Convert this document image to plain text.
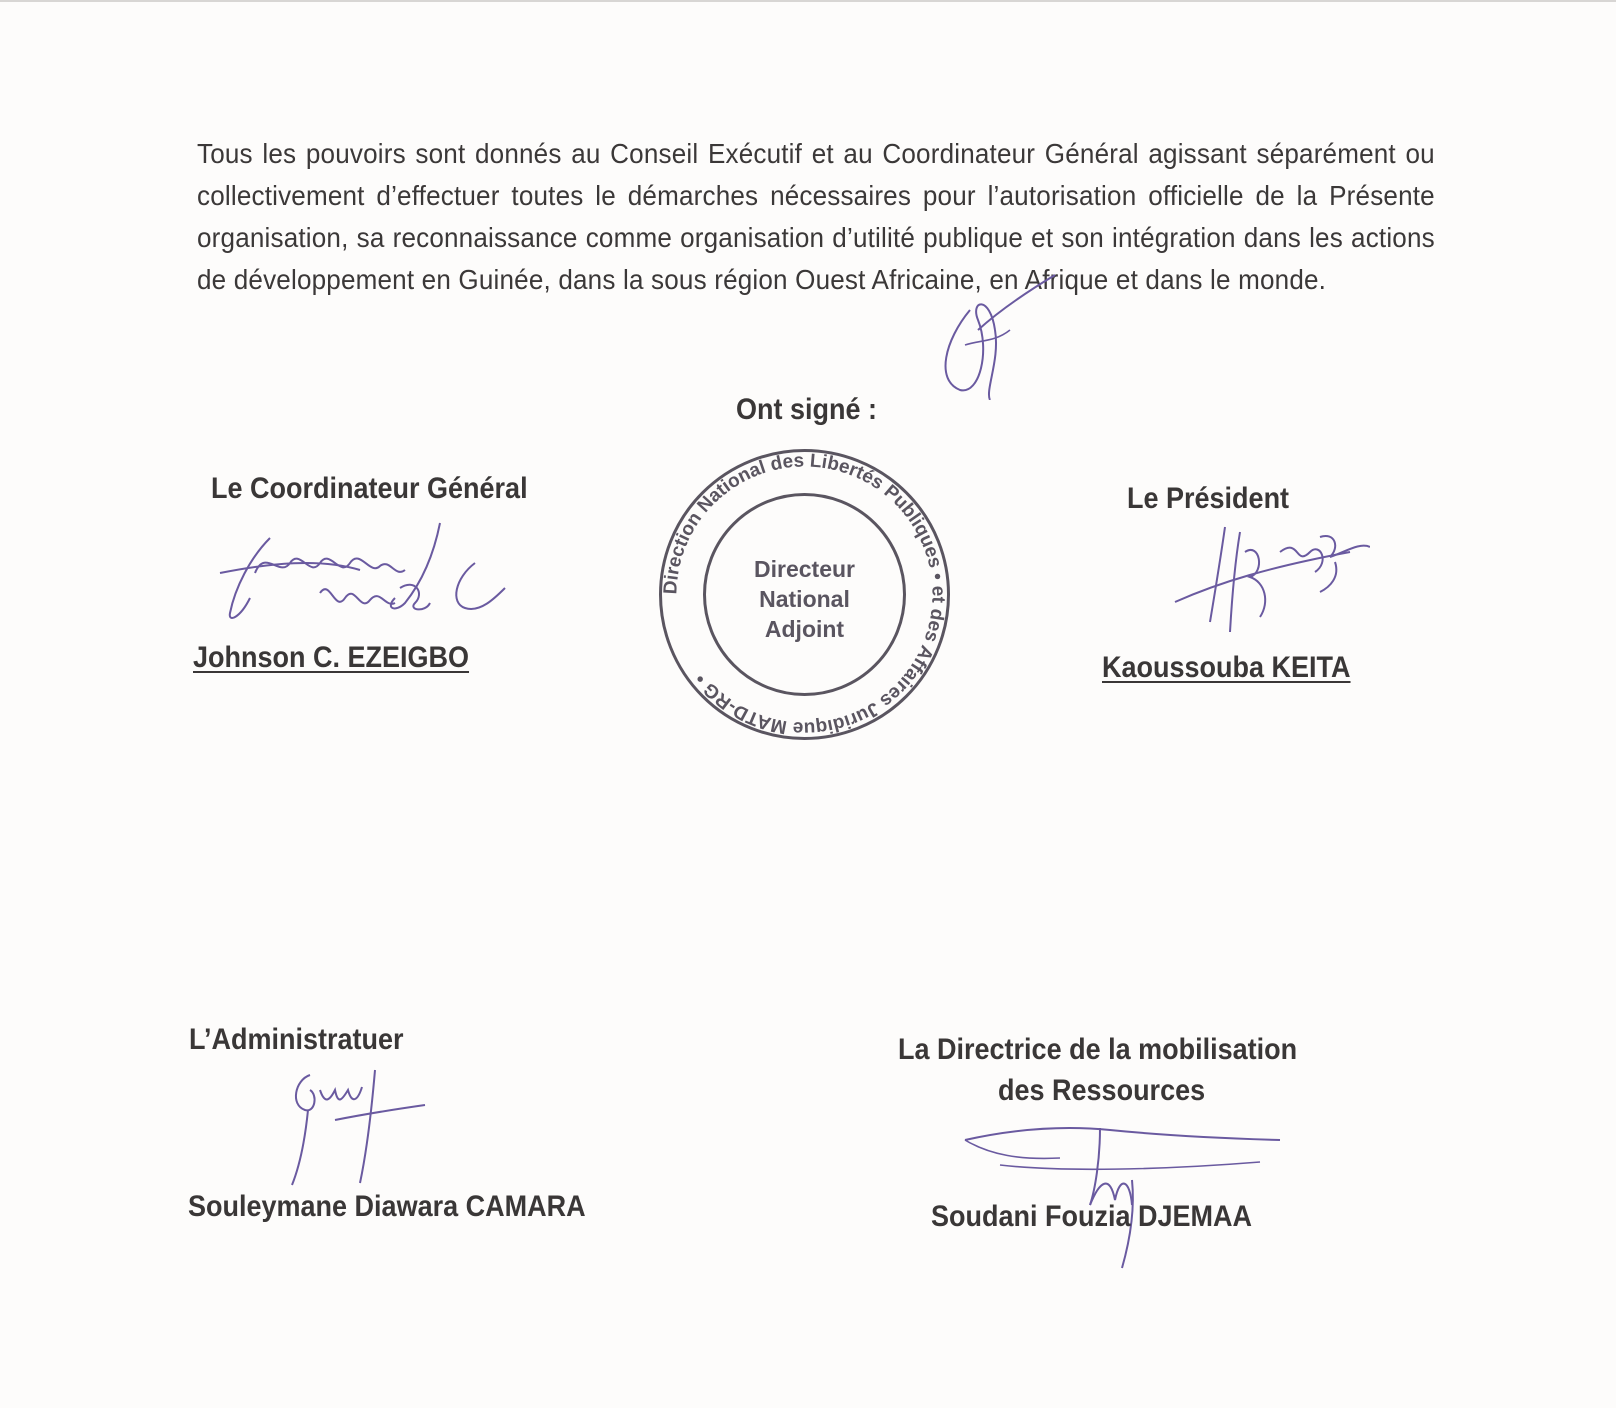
Tous les pouvoirs sont donnés au Conseil Exécutif et au Coordinateur Général agissant séparément ou collectivement d’effectuer toutes le démarches nécessaires pour l’autorisation officielle de la Présente organisation, sa reconnaissance comme organisation d’utilité publique et son intégration dans les actions de développement en Guinée, dans la sous région Ouest Africaine, en Afrique et dans le monde.
Ont signé :
Le Coordinateur Général
Johnson C. EZEIGBO
Direction National des Libertés Publiques • et des Affaires Juridique MATD-RG •
Directeur
National
Adjoint
Le Président
Kaoussouba KEITA
L’Administratuer
Souleymane Diawara CAMARA
La Directrice de la mobilisation
des Ressources
Soudani Fouzia DJEMAA
